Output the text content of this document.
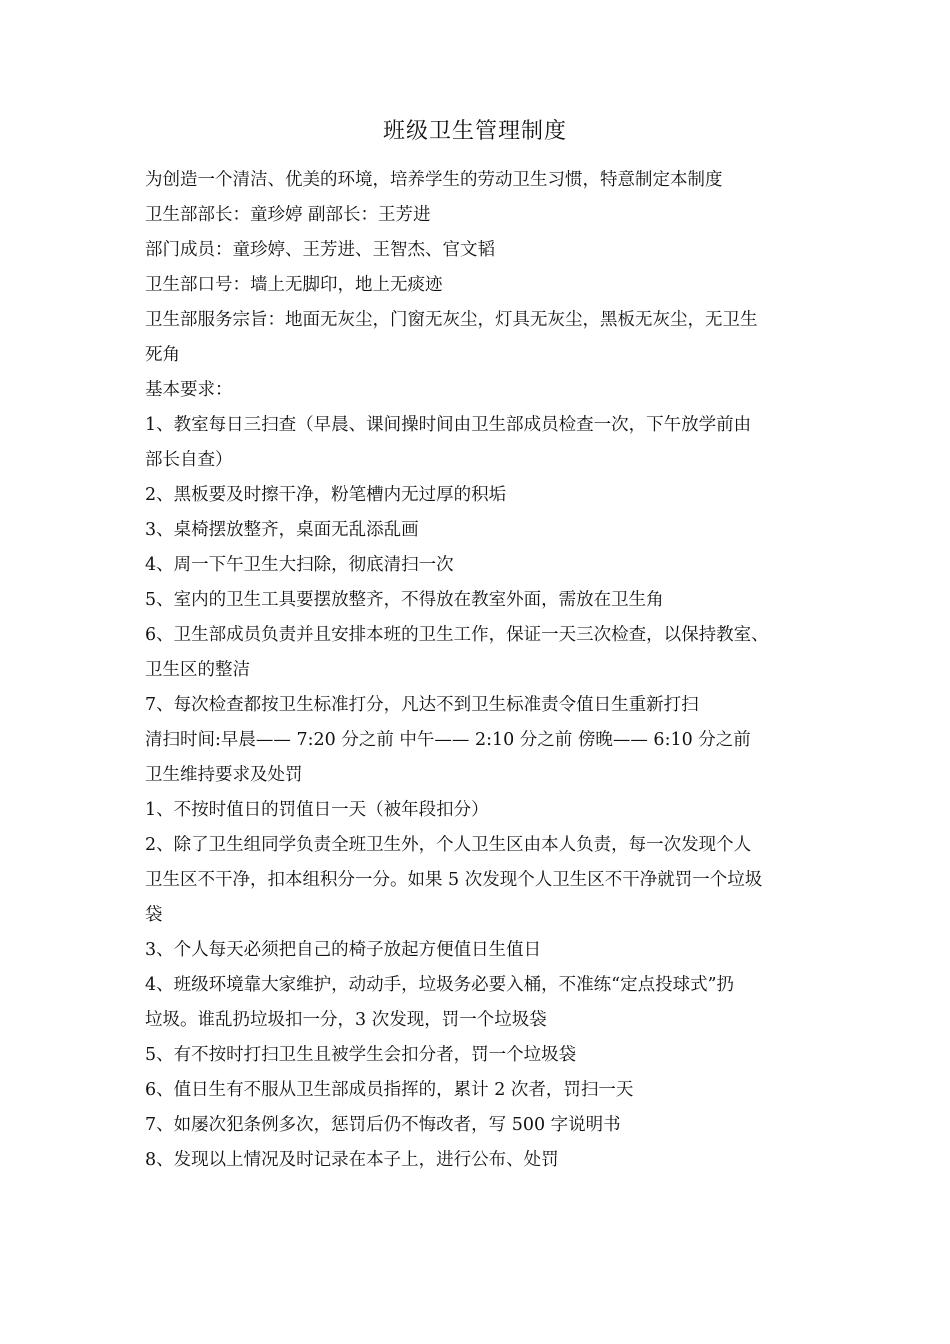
班级卫生管理制度
为创造一个清洁、优美的环境，培养学生的劳动卫生习惯，特意制定本制度
卫生部部长：童珍婷 副部长：王芳进
部门成员：童珍婷、王芳进、王智杰、官文韬
卫生部口号：墙上无脚印，地上无痰迹
卫生部服务宗旨：地面无灰尘，门窗无灰尘，灯具无灰尘，黑板无灰尘，无卫生
死角
基本要求：
1、教室每日三扫查（早晨、课间操时间由卫生部成员检查一次，下午放学前由
部长自查）
2、黑板要及时擦干净，粉笔槽内无过厚的积垢
3、桌椅摆放整齐，桌面无乱添乱画
4、周一下午卫生大扫除，彻底清扫一次
5、室内的卫生工具要摆放整齐，不得放在教室外面，需放在卫生角
6、卫生部成员负责并且安排本班的卫生工作，保证一天三次检查，以保持教室、
卫生区的整洁
7、每次检查都按卫生标准打分，凡达不到卫生标准责令值日生重新打扫
清扫时间:早晨—— 7:20 分之前 中午—— 2:10 分之前 傍晚—— 6:10 分之前
卫生维持要求及处罚
1、不按时值日的罚值日一天（被年段扣分）
2、除了卫生组同学负责全班卫生外，个人卫生区由本人负责，每一次发现个人
卫生区不干净，扣本组积分一分。如果 5 次发现个人卫生区不干净就罚一个垃圾
袋
3、个人每天必须把自己的椅子放起方便值日生值日
4、班级环境靠大家维护，动动手，垃圾务必要入桶，不准练“定点投球式”扔
垃圾。谁乱扔垃圾扣一分，3 次发现，罚一个垃圾袋
5、有不按时打扫卫生且被学生会扣分者，罚一个垃圾袋
6、值日生有不服从卫生部成员指挥的，累计 2 次者，罚扫一天
7、如屡次犯条例多次，惩罚后仍不悔改者，写 500 字说明书
8、发现以上情况及时记录在本子上，进行公布、处罚
